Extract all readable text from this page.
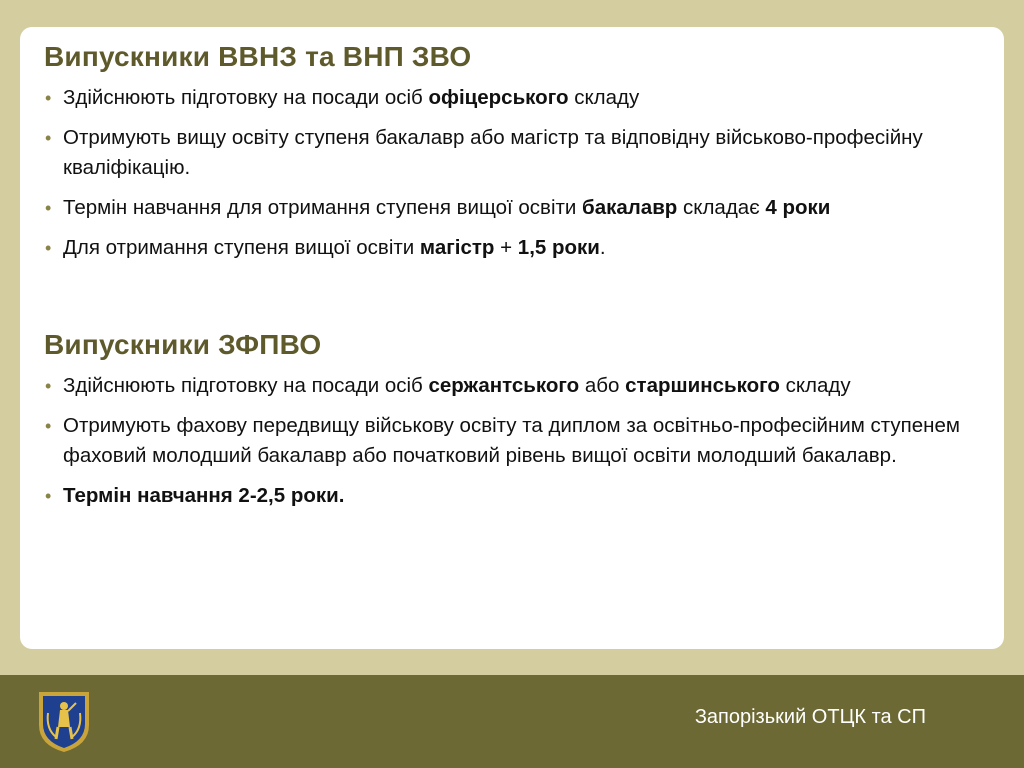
Випускники ВВНЗ та ВНП ЗВО
• Здійснюють підготовку на посади осіб офіцерського складу
• Отримують вищу освіту ступеня бакалавр або магістр та відповідну військово-професійну кваліфікацію.
• Термін навчання для отримання ступеня вищої освіти бакалавр складає 4 роки
• Для отримання ступеня вищої освіти магістр + 1,5 роки.
Випускники ЗФПВО
• Здійснюють підготовку на посади осіб сержантського або старшинського складу
• Отримують фахову передвищу військову освіту та диплом за освітньо-професійним ступенем фаховий молодший бакалавр або початковий рівень вищої освіти молодший бакалавр.
• Термін навчання 2-2,5 роки.
Запорізький ОТЦК та СП
